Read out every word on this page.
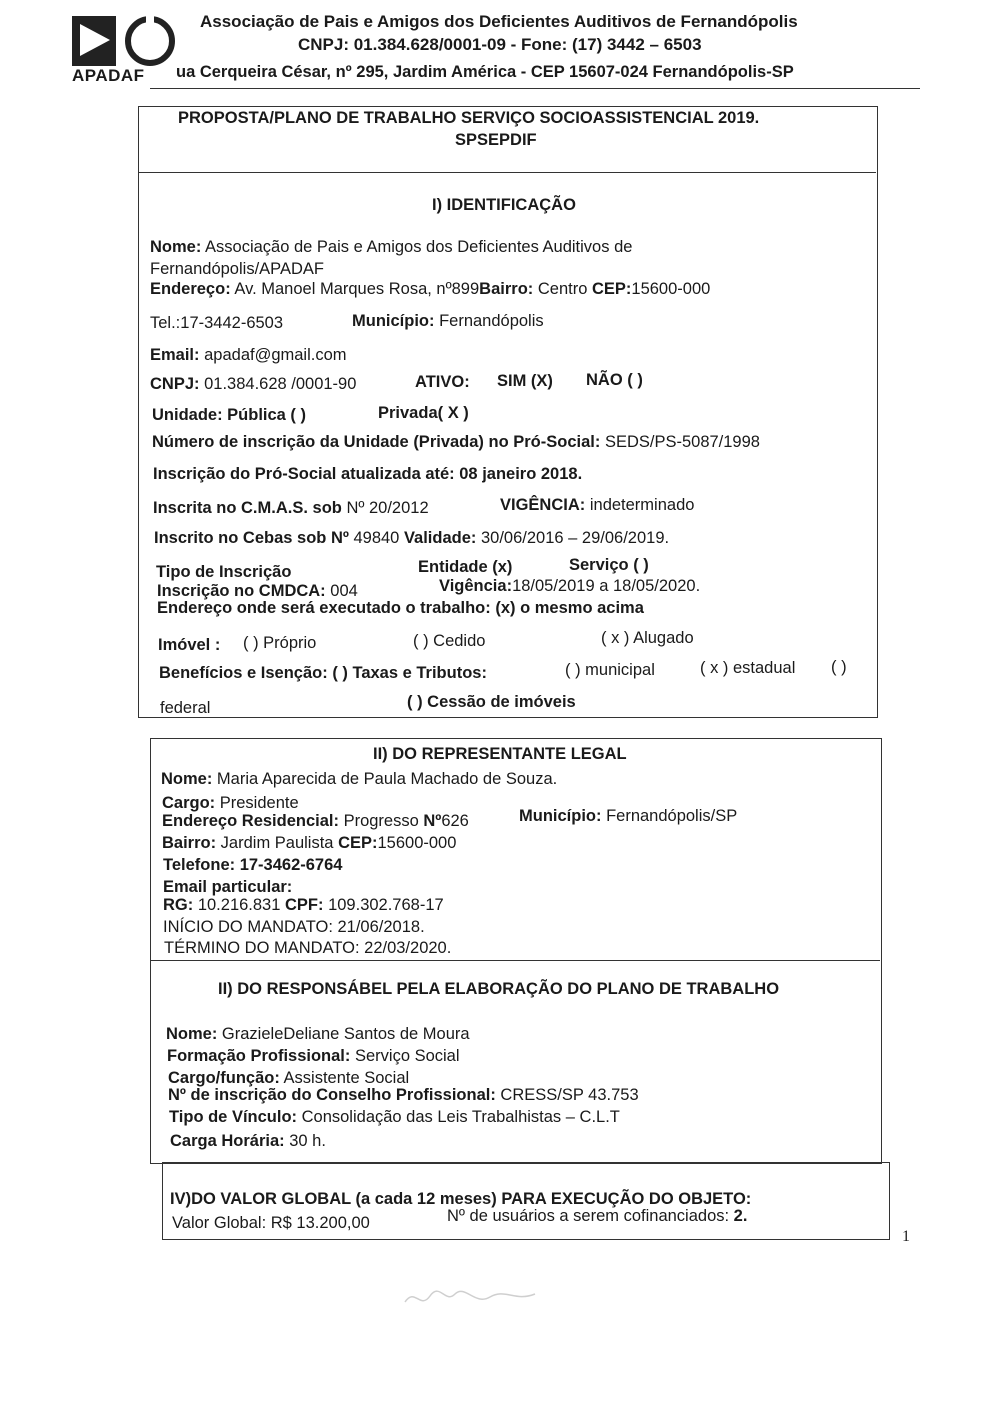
APADAF
Associação de Pais e Amigos dos Deficientes Auditivos de Fernandópolis
CNPJ: 01.384.628/0001-09 - Fone: (17) 3442 – 6503
ua Cerqueira César, nº 295, Jardim América - CEP 15607-024 Fernandópolis-SP
PROPOSTA/PLANO DE TRABALHO SERVIÇO SOCIOASSISTENCIAL 2019.
SPSEPDIF
I) IDENTIFICAÇÃO
Nome: Associação de Pais e Amigos dos Deficientes Auditivos de
Fernandópolis/APADAF
Endereço: Av. Manoel Marques Rosa, nº899Bairro: Centro CEP:15600-000
Tel.:17-3442-6503	Município: Fernandópolis
Email: apadaf@gmail.com
CNPJ: 01.384.628 /0001-90	ATIVO: SIM (X) NÃO ( )
Unidade: Pública ( )	Privada( X )
Número de inscrição da Unidade (Privada) no Pró-Social: SEDS/PS-5087/1998
Inscrição do Pró-Social atualizada até: 08 janeiro 2018.
Inscrita no C.M.A.S. sob Nº 20/2012	VIGÊNCIA: indeterminado
Inscrito no Cebas sob Nº 49840 Validade: 30/06/2016 – 29/06/2019.
Tipo de Inscrição	Entidade (x)	Serviço ( )
Inscrição no CMDCA: 004	Vigência:18/05/2019 a 18/05/2020.
Endereço onde será executado o trabalho: (x) o mesmo acima
Imóvel : ( ) Próprio	( ) Cedido	( x ) Alugado
Benefícios e Isenção: ( ) Taxas e Tributos:	( ) municipal	( x ) estadual ( )
federal	( ) Cessão de imóveis
II) DO REPRESENTANTE LEGAL
Nome: Maria Aparecida de Paula Machado de Souza.
Cargo: Presidente
Endereço Residencial: Progresso Nº626	Município: Fernandópolis/SP
Bairro: Jardim Paulista CEP:15600-000
Telefone: 17-3462-6764
Email particular:
RG: 10.216.831 CPF: 109.302.768-17
INÍCIO DO MANDATO: 21/06/2018.
TÉRMINO DO MANDATO: 22/03/2020.
II) DO RESPONSÁBEL PELA ELABORAÇÃO DO PLANO DE TRABALHO
Nome: GrazieleDeliane Santos de Moura
Formação Profissional: Serviço Social
Cargo/função: Assistente Social
Nº de inscrição do Conselho Profissional: CRESS/SP 43.753
Tipo de Vínculo: Consolidação das Leis Trabalhistas – C.L.T
Carga Horária: 30 h.
IV)DO VALOR GLOBAL (a cada 12 meses) PARA EXECUÇÃO DO OBJETO:
Valor Global: R$ 13.200,00	Nº de usuários a serem cofinanciados: 2.
1
